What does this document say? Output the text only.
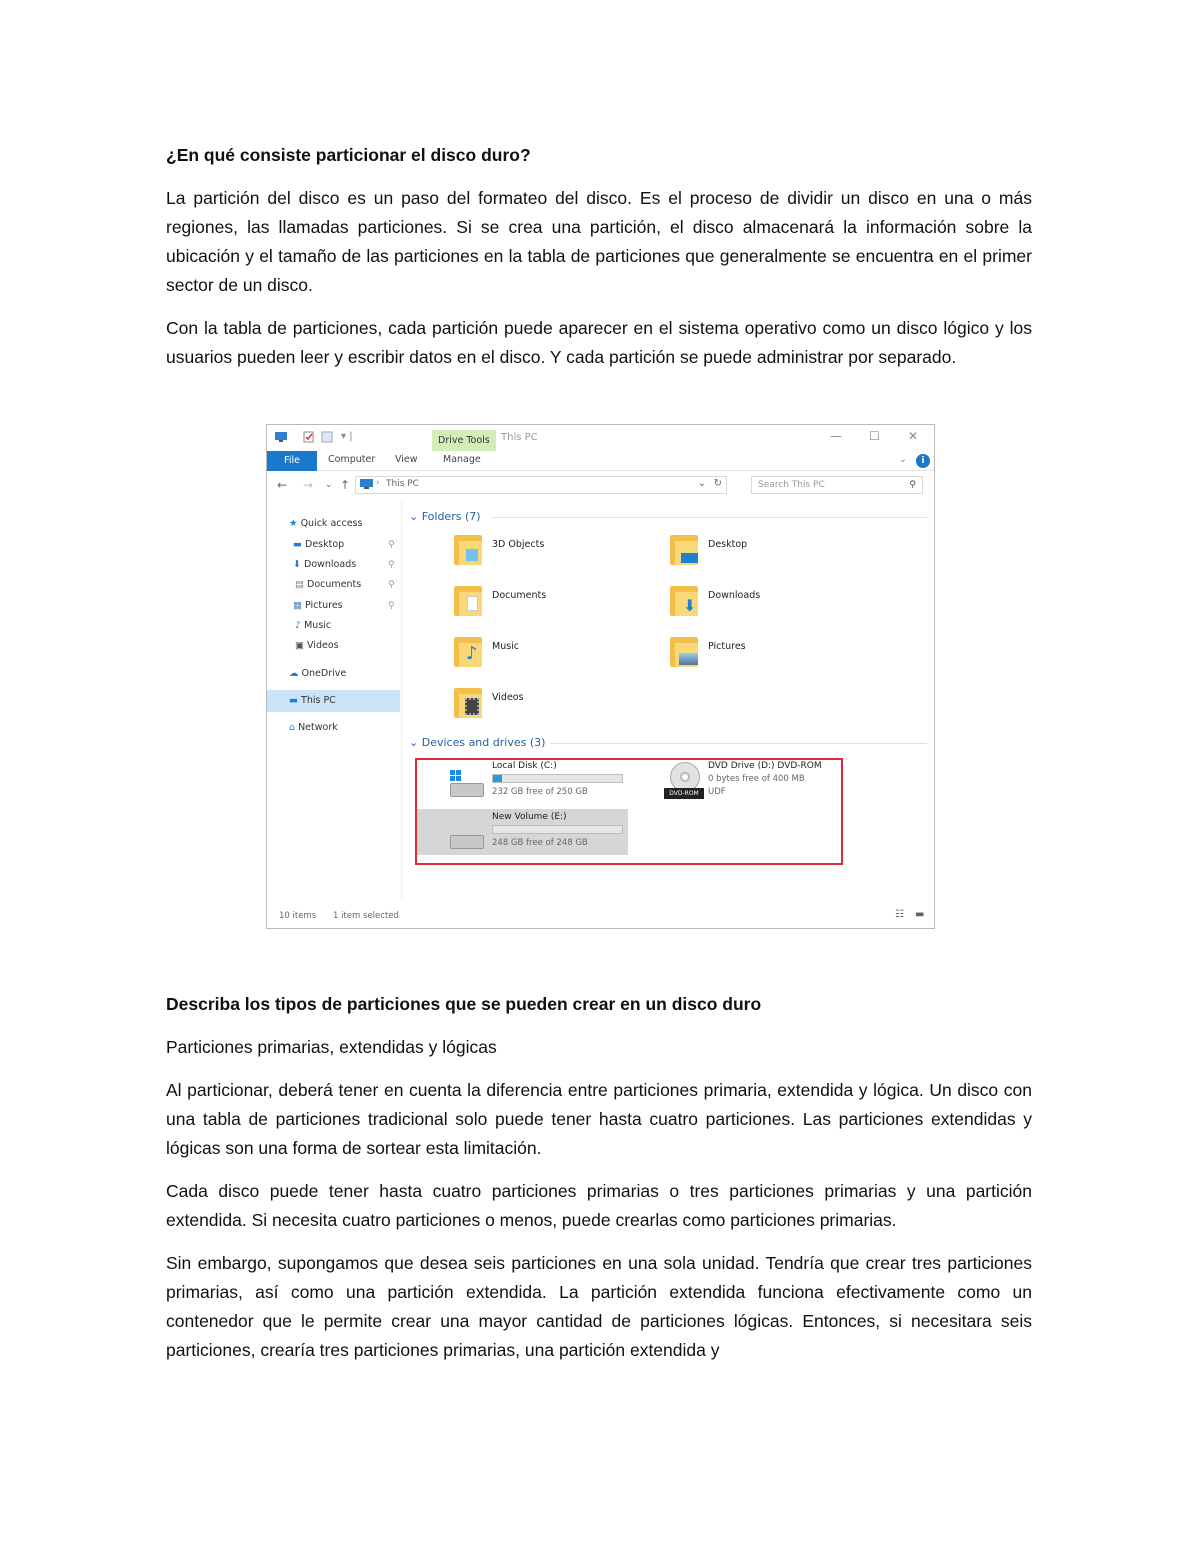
¿En qué consiste particionar el disco duro?

La partición del disco es un paso del formateo del disco. Es el proceso de dividir un disco en una o más regiones, las llamadas particiones. Si se crea una partición, el disco almacenará la información sobre la ubicación y el tamaño de las particiones en la tabla de particiones que generalmente se encuentra en el primer sector de un disco.

Con la tabla de particiones, cada partición puede aparecer en el sistema operativo como un disco lógico y los usuarios pueden leer y escribir datos en el disco. Y cada partición se puede administrar por separado.

▾ |	Drive Tools	This PC	— ☐ ✕
File	Computer View	Manage	⌄	i
← → ⌄ ↑	› This PC	⌄ ↻	Search This PC	⚲
★ Quick access
▬ Desktop	⚲
⬇ Downloads	⚲
▤ Documents	⚲
▦ Pictures	⚲
♪ Music
▣ Videos
☁ OneDrive
▬ This PC
⌂ Network
⌄ Folders (7)
3D Objects	Desktop
Documents
⬇
Downloads
♪ Music	Pictures
Videos
⌄ Devices and drives (3)
Local Disk (C:)
232 GB free of 250 GB	DVD-ROM
DVD Drive (D:) DVD-ROM
0 bytes free of 400 MB
UDF
New Volume (E:)
248 GB free of 248 GB
10 items 1 item selected	☷ ▬

Describa los tipos de particiones que se pueden crear en un disco duro

Particiones primarias, extendidas y lógicas

Al particionar, deberá tener en cuenta la diferencia entre particiones primaria, extendida y lógica. Un disco con una tabla de particiones tradicional solo puede tener hasta cuatro particiones. Las particiones extendidas y lógicas son una forma de sortear esta limitación.

Cada disco puede tener hasta cuatro particiones primarias o tres particiones primarias y una partición extendida. Si necesita cuatro particiones o menos, puede crearlas como particiones primarias.

Sin embargo, supongamos que desea seis particiones en una sola unidad. Tendría que crear tres particiones primarias, así como una partición extendida. La partición extendida funciona efectivamente como un contenedor que le permite crear una mayor cantidad de particiones lógicas. Entonces, si necesitara seis particiones, crearía tres particiones primarias, una partición extendida y
